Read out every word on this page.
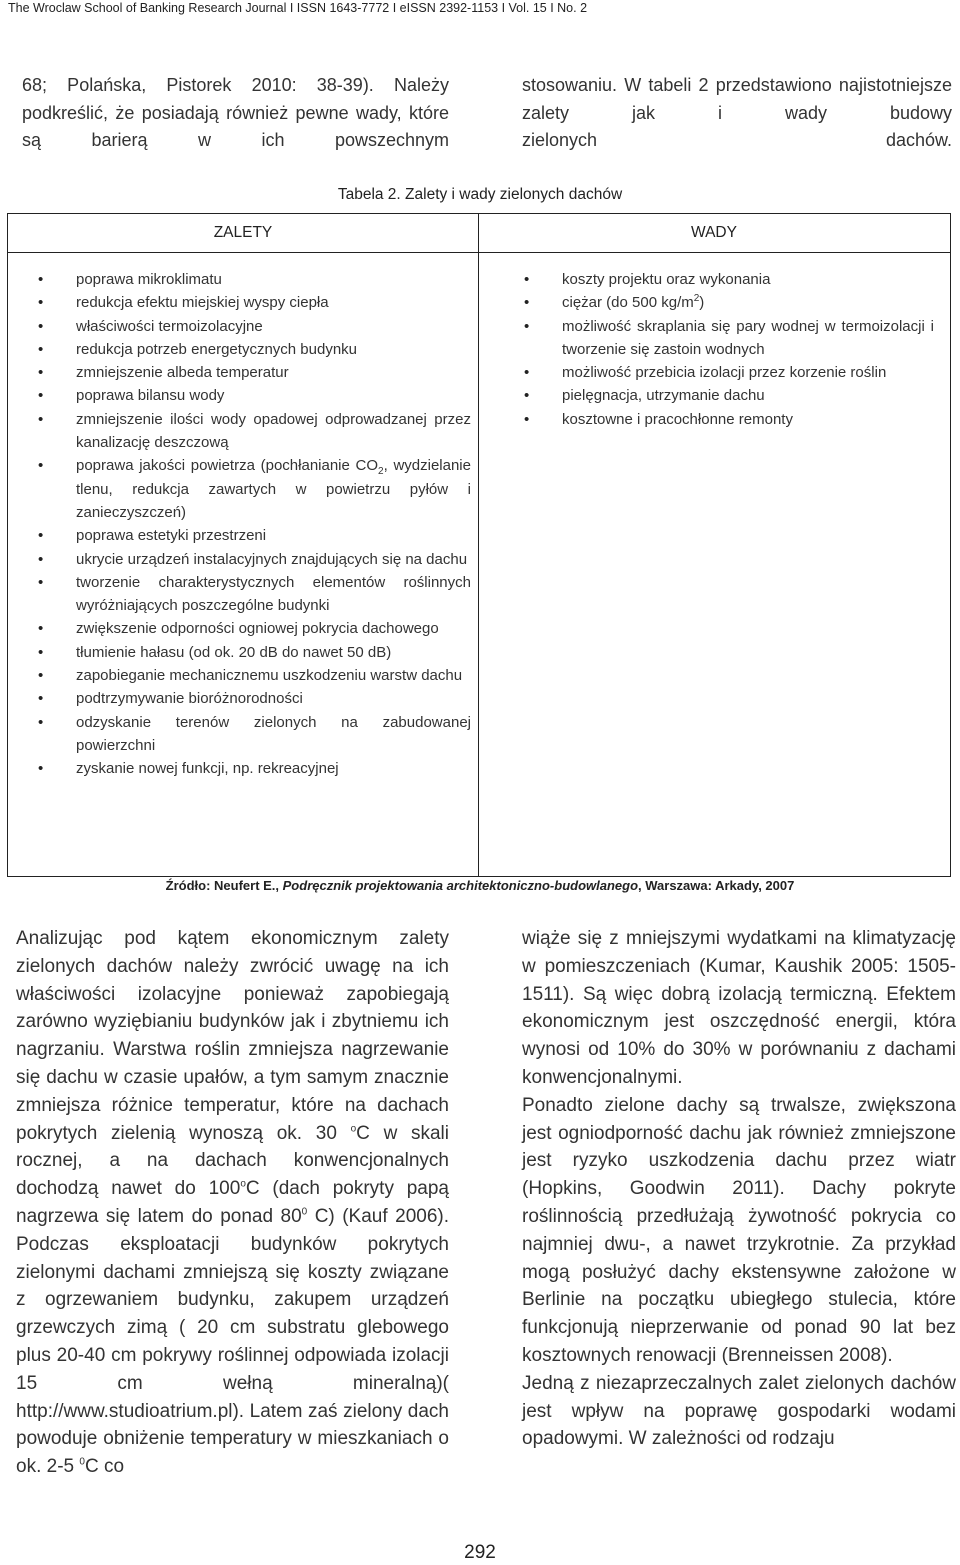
The Wroclaw School of Banking Research Journal I ISSN 1643-7772 I eISSN 2392-1153 I Vol. 15 I No. 2

68; Polańska, Pistorek 2010: 38-39). Należy podkreślić, że posiadają również pewne wady, które są barierą w ich powszechnym

stosowaniu. W tabeli 2 przedstawiono najistotniejsze zalety jak i wady budowy

zielonych	dachów.
Tabela 2. Zalety i wady zielonych dachów
ZALETY	WADY
• poprawa mikroklimatu
• redukcja efektu miejskiej wyspy ciepła
• właściwości termoizolacyjne
• redukcja potrzeb energetycznych budynku
• zmniejszenie albeda temperatur
• poprawa bilansu wody
• zmniejszenie ilości wody opadowej odprowadzanej przez kanalizację deszczową
• poprawa jakości powietrza (pochłanianie $CO_2$, wydzielanie tlenu, redukcja zawartych w powietrzu pyłów i zanieczyszczeń)
• poprawa estetyki przestrzeni
• ukrycie urządzeń instalacyjnych znajdujących się na dachu
• tworzenie charakterystycznych elementów roślinnych wyróżniających poszczególne budynki
• zwiększenie odporności ogniowej pokrycia dachowego
• tłumienie hałasu (od ok. 20 dB do nawet 50 dB)
• zapobieganie mechanicznemu uszkodzeniu warstw dachu
• podtrzymywanie bioróżnorodności
• odzyskanie terenów zielonych na zabudowanej powierzchni
• zyskanie nowej funkcji, np. rekreacyjnej
• koszty projektu oraz wykonania
• ciężar (do 500 $kg/m^2$)
• możliwość skraplania się pary wodnej w termoizolacji i tworzenie się zastoin wodnych
• możliwość przebicia izolacji przez korzenie roślin
• pielęgnacja, utrzymanie dachu
• kosztowne i pracochłonne remonty
Źródło: Neufert E., Podręcznik projektowania architektoniczno-budowlanego, Warszawa: Arkady, 2007

Analizując pod kątem ekonomicznym zalety zielonych dachów należy zwrócić uwagę na ich właściwości izolacyjne ponieważ zapobiegają zarówno wyziębianiu budynków jak i zbytniemu ich nagrzaniu. Warstwa roślin zmniejsza nagrzewanie się dachu w czasie upałów, a tym samym znacznie zmniejsza różnice temperatur, które na dachach pokrytych zielenią wynoszą ok. 30 $^o$C w skali rocznej, a na dachach konwencjonalnych dochodzą nawet do 100$^o$C (dach pokryty papą nagrzewa się latem do ponad $80^0$ C) (Kauf 2006). Podczas eksploatacji budynków pokrytych zielonymi dachami zmniejszą się koszty związane z ogrzewaniem budynku, zakupem urządzeń grzewczych zimą ( 20 cm substratu glebowego plus 20-40 cm pokrywy roślinnej odpowiada izolacji 15 cm wełną mineralną)( http://www.studioatrium.pl). Latem zaś zielony dach powoduje obniżenie temperatury w mieszkaniach o ok. 2-5 $^0$C co

wiąże się z mniejszymi wydatkami na klimatyzację w pomieszczeniach (Kumar, Kaushik 2005: 1505-1511). Są więc dobrą izolacją termiczną. Efektem ekonomicznym jest oszczędność energii, która wynosi od 10% do 30% w porównaniu z dachami konwencjonalnymi.

Ponadto zielone dachy są trwalsze, zwiększona jest ogniodporność dachu jak również zmniejszone jest ryzyko uszkodzenia dachu przez wiatr (Hopkins, Goodwin 2011). Dachy pokryte roślinnością przedłużają żywotność pokrycia co najmniej dwu-, a nawet trzykrotnie. Za przykład mogą posłużyć dachy ekstensywne założone w Berlinie na początku ubiegłego stulecia, które funkcjonują nieprzerwanie od ponad 90 lat bez kosztownych renowacji (Brenneissen 2008).

Jedną z niezaprzeczalnych zalet zielonych dachów jest wpływ na poprawę gospodarki wodami opadowymi. W zależności od rodzaju

292
